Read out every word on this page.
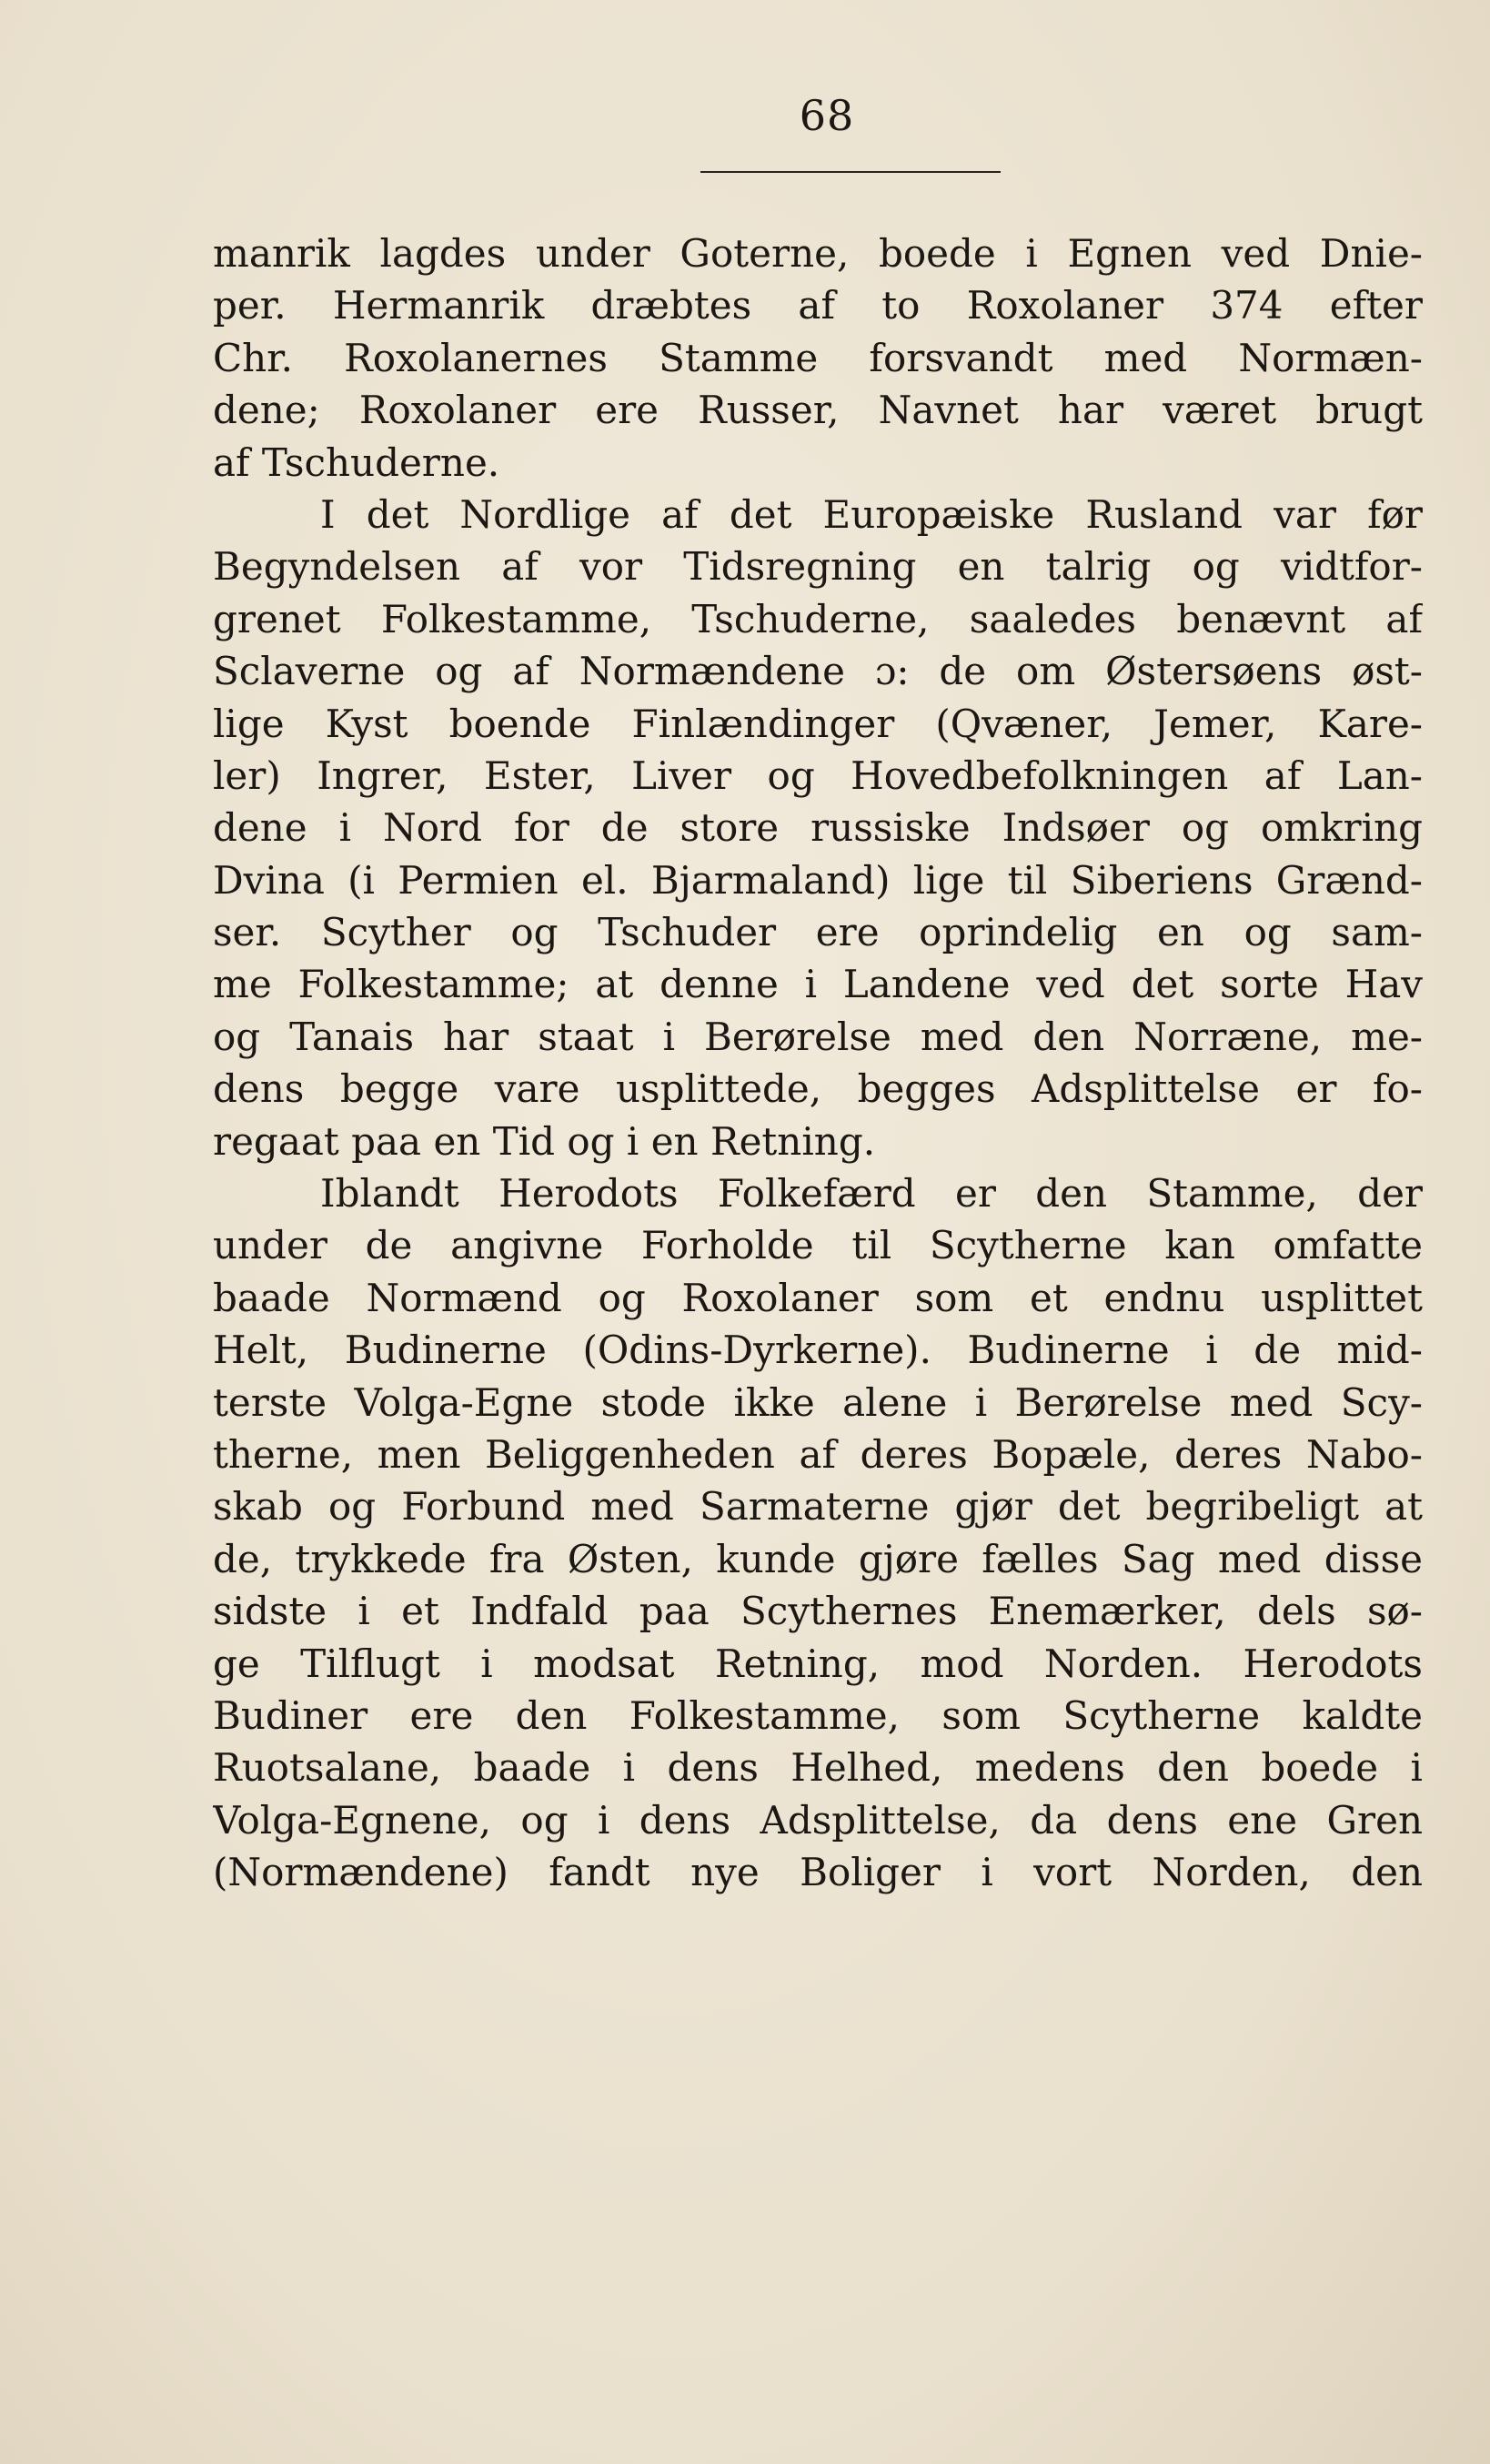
68
manrik lagdes under Goterne, boede i Egnen ved Dnie-
per. Hermanrik dræbtes af to Roxolaner 374 efter
Chr. Roxolanernes Stamme forsvandt med Normæn-
dene; Roxolaner ere Russer, Navnet har været brugt
af Tschuderne.
I det Nordlige af det Europæiske Rusland var før
Begyndelsen af vor Tidsregning en talrig og vidtfor-
grenet Folkestamme, Tschuderne, saaledes benævnt af
Sclaverne og af Normændene ɔ: de om Østersøens øst-
lige Kyst boende Finlændinger (Qvæner, Jemer, Kare-
ler) Ingrer, Ester, Liver og Hovedbefolkningen af Lan-
dene i Nord for de store russiske Indsøer og omkring
Dvina (i Permien el. Bjarmaland) lige til Siberiens Grænd-
ser. Scyther og Tschuder ere oprindelig en og sam-
me Folkestamme; at denne i Landene ved det sorte Hav
og Tanais har staat i Berørelse med den Norræne, me-
dens begge vare usplittede, begges Adsplittelse er fo-
regaat paa en Tid og i en Retning.
Iblandt Herodots Folkefærd er den Stamme, der
under de angivne Forholde til Scytherne kan omfatte
baade Normænd og Roxolaner som et endnu usplittet
Helt, Budinerne (Odins-Dyrkerne). Budinerne i de mid-
terste Volga-Egne stode ikke alene i Berørelse med Scy-
therne, men Beliggenheden af deres Bopæle, deres Nabo-
skab og Forbund med Sarmaterne gjør det begribeligt at
de, trykkede fra Østen, kunde gjøre fælles Sag med disse
sidste i et Indfald paa Scythernes Enemærker, dels sø-
ge Tilflugt i modsat Retning, mod Norden. Herodots
Budiner ere den Folkestamme, som Scytherne kaldte
Ruotsalane, baade i dens Helhed, medens den boede i
Volga-Egnene, og i dens Adsplittelse, da dens ene Gren
(Normændene) fandt nye Boliger i vort Norden, den
